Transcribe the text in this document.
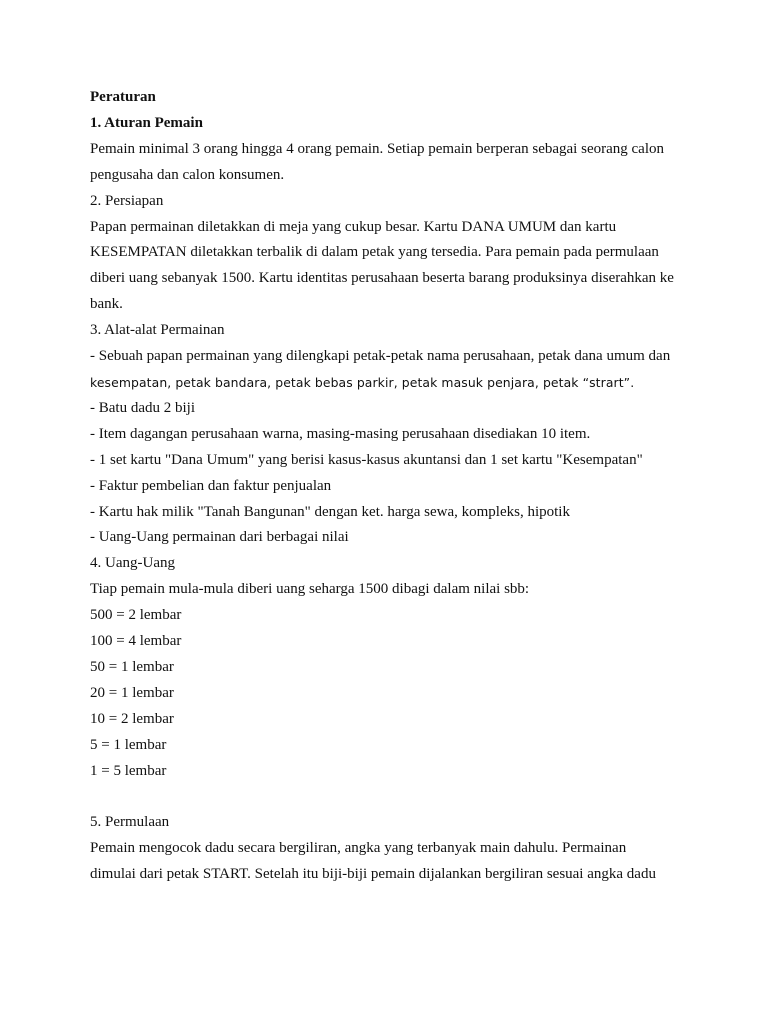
Peraturan

1. Aturan Pemain

Pemain minimal 3 orang hingga 4 orang pemain. Setiap pemain berperan sebagai seorang calon

pengusaha dan calon konsumen.

2. Persiapan

Papan permainan diletakkan di meja yang cukup besar. Kartu DANA UMUM dan kartu

KESEMPATAN diletakkan terbalik di dalam petak yang tersedia. Para pemain pada permulaan

diberi uang sebanyak 1500. Kartu identitas perusahaan beserta barang produksinya diserahkan ke

bank.

3. Alat-alat Permainan

- Sebuah papan permainan yang dilengkapi petak-petak nama perusahaan, petak dana umum dan

kesempatan, petak bandara, petak bebas parkir, petak masuk penjara, petak “strart”.

- Batu dadu 2 biji

- Item dagangan perusahaan warna, masing-masing perusahaan disediakan 10 item.

- 1 set kartu "Dana Umum" yang berisi kasus-kasus akuntansi dan 1 set kartu "Kesempatan"

- Faktur pembelian dan faktur penjualan

- Kartu hak milik "Tanah Bangunan" dengan ket. harga sewa, kompleks, hipotik

- Uang-Uang permainan dari berbagai nilai

4. Uang-Uang

Tiap pemain mula-mula diberi uang seharga 1500 dibagi dalam nilai sbb:

500 = 2 lembar

100 = 4 lembar

50 = 1 lembar

20 = 1 lembar

10 = 2 lembar

5 = 1 lembar

1 = 5 lembar

5. Permulaan

Pemain mengocok dadu secara bergiliran, angka yang terbanyak main dahulu. Permainan

dimulai dari petak START. Setelah itu biji-biji pemain dijalankan bergiliran sesuai angka dadu
